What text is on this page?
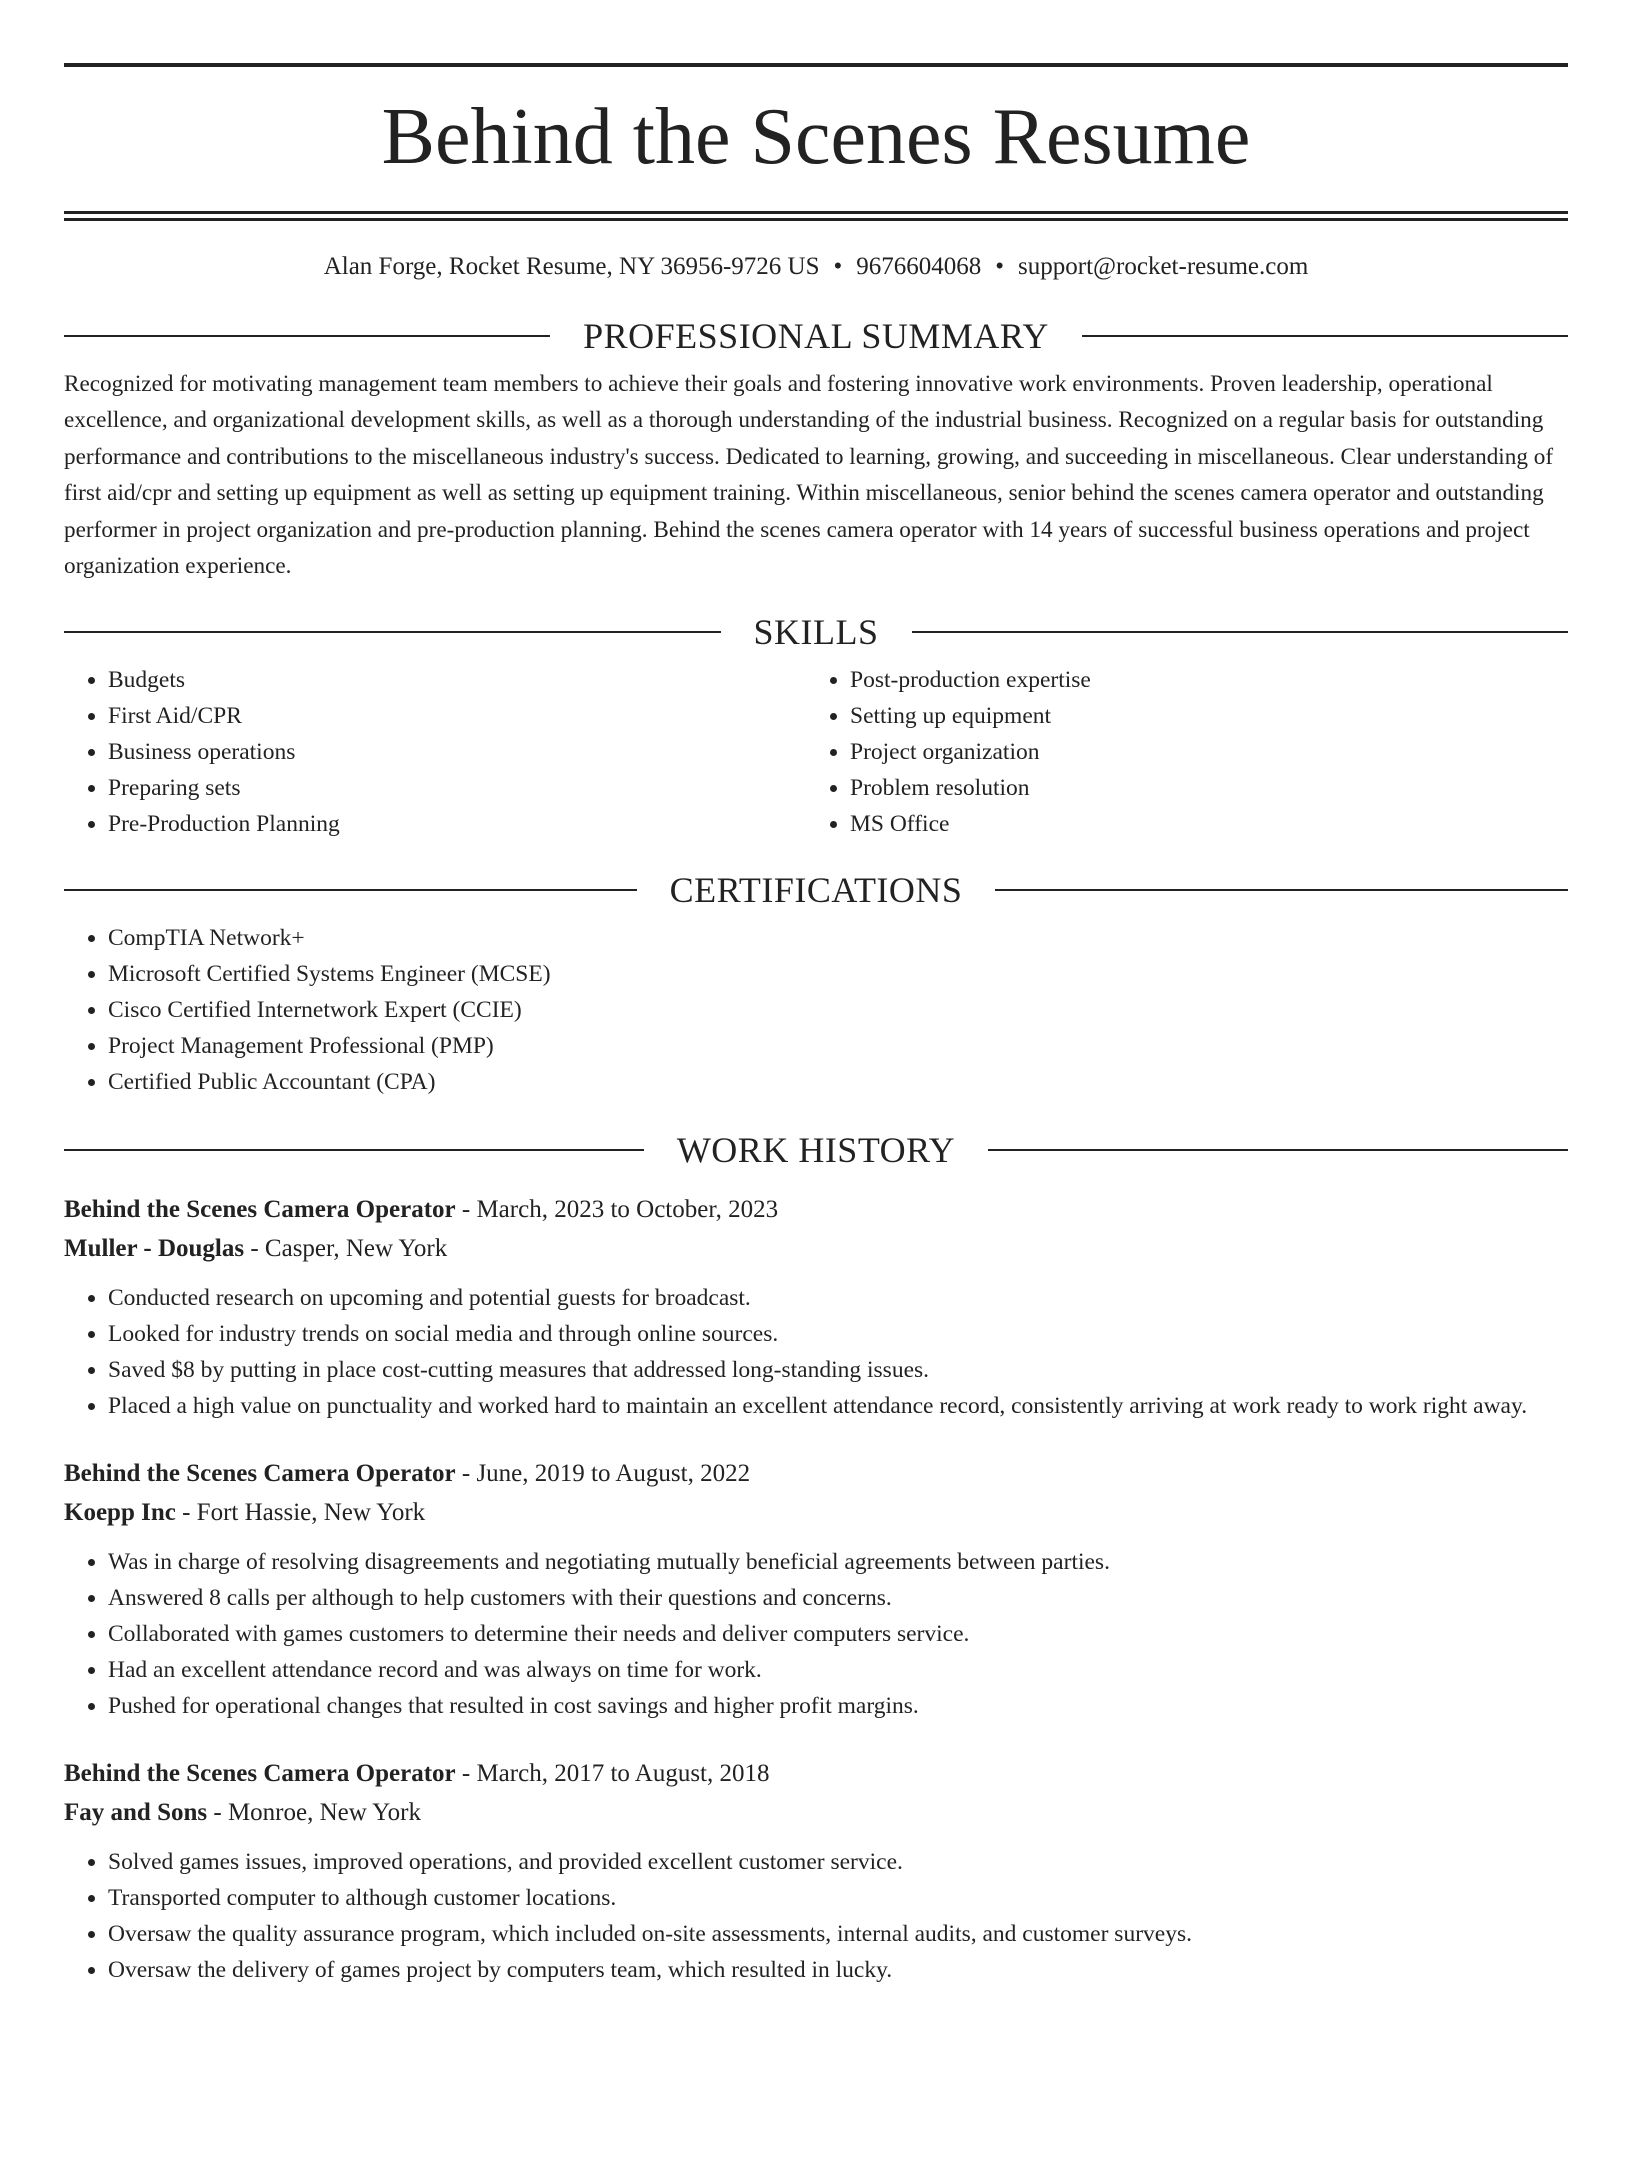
Behind the Scenes Resume
Alan Forge, Rocket Resume, NY 36956-9726 US • 9676604068 • support@rocket-resume.com
PROFESSIONAL SUMMARY

Recognized for motivating management team members to achieve their goals and fostering innovative work environments. Proven leadership, operational excellence, and organizational development skills, as well as a thorough understanding of the industrial business. Recognized on a regular basis for outstanding performance and contributions to the miscellaneous industry's success. Dedicated to learning, growing, and succeeding in miscellaneous. Clear understanding of first aid/cpr and setting up equipment as well as setting up equipment training. Within miscellaneous, senior behind the scenes camera operator and outstanding performer in project organization and pre-production planning. Behind the scenes camera operator with 14 years of successful business operations and project organization experience.

SKILLS
• Budgets
• First Aid/CPR
• Business operations
• Preparing sets
• Pre-Production Planning
• Post-production expertise
• Setting up equipment
• Project organization
• Problem resolution
• MS Office
CERTIFICATIONS
• CompTIA Network+
• Microsoft Certified Systems Engineer (MCSE)
• Cisco Certified Internetwork Expert (CCIE)
• Project Management Professional (PMP)
• Certified Public Accountant (CPA)
WORK HISTORY
Behind the Scenes Camera Operator - March, 2023 to October, 2023
Muller - Douglas - Casper, New York
• Conducted research on upcoming and potential guests for broadcast.
• Looked for industry trends on social media and through online sources.
• Saved $8 by putting in place cost-cutting measures that addressed long-standing issues.
• Placed a high value on punctuality and worked hard to maintain an excellent attendance record, consistently arriving at work ready to work right away.
Behind the Scenes Camera Operator - June, 2019 to August, 2022
Koepp Inc - Fort Hassie, New York
• Was in charge of resolving disagreements and negotiating mutually beneficial agreements between parties.
• Answered 8 calls per although to help customers with their questions and concerns.
• Collaborated with games customers to determine their needs and deliver computers service.
• Had an excellent attendance record and was always on time for work.
• Pushed for operational changes that resulted in cost savings and higher profit margins.
Behind the Scenes Camera Operator - March, 2017 to August, 2018
Fay and Sons - Monroe, New York
• Solved games issues, improved operations, and provided excellent customer service.
• Transported computer to although customer locations.
• Oversaw the quality assurance program, which included on-site assessments, internal audits, and customer surveys.
• Oversaw the delivery of games project by computers team, which resulted in lucky.
